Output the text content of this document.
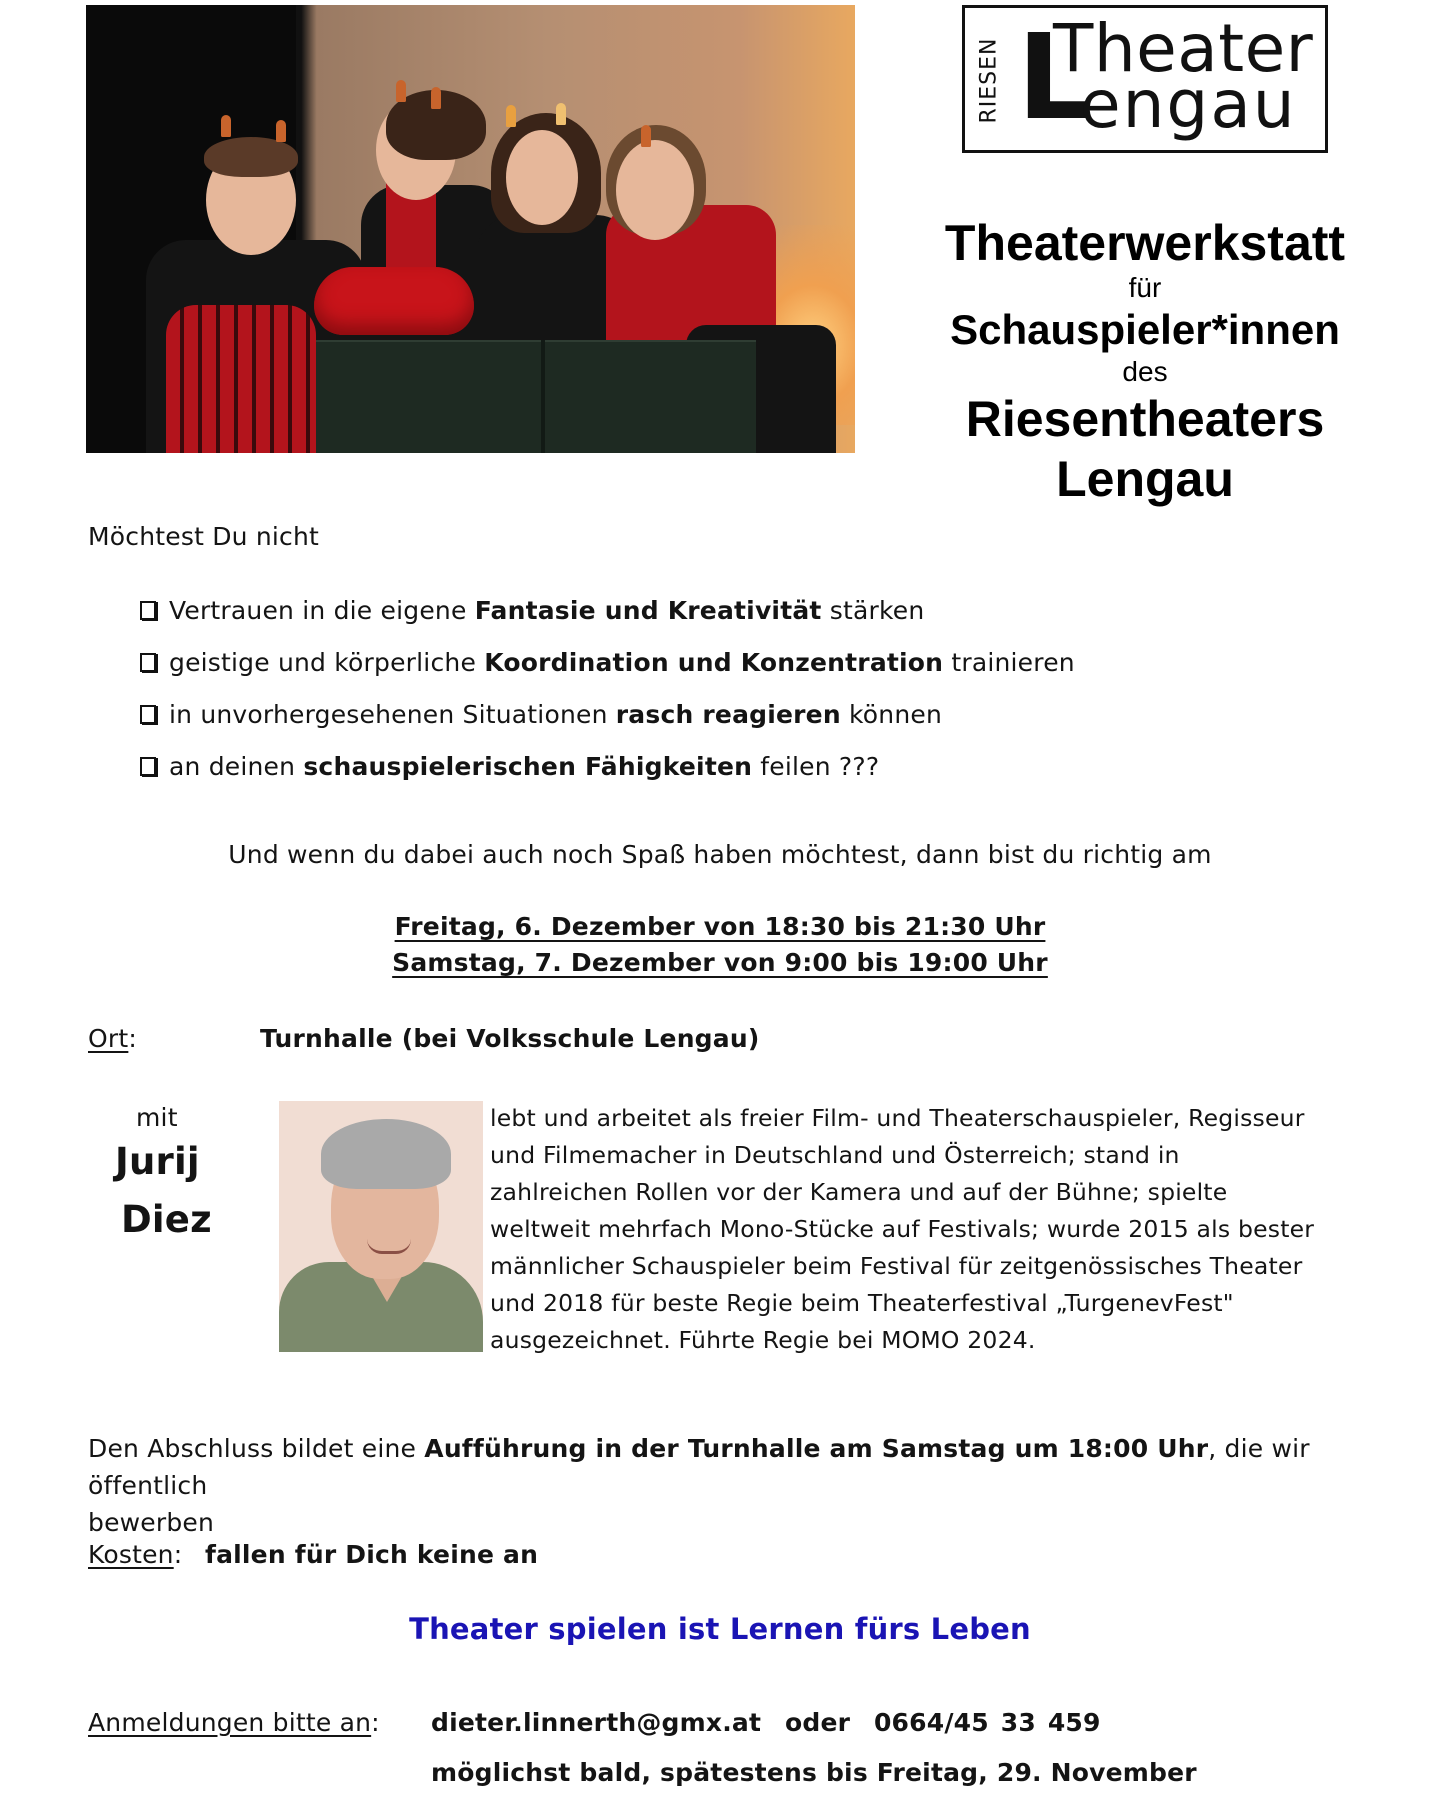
RIESEN L
Theater
engau
Theaterwerkstatt
für
Schauspieler*innen
des
Riesentheaters
Lengau
Möchtest Du nicht
Vertrauen in die eigene
Fantasie und Kreativität
stärken
geistige und körperliche
Koordination und Konzentration
trainieren
in unvorhergesehenen Situationen
rasch reagieren
können
an deinen
schauspielerischen Fähigkeiten
feilen ???
Und wenn du dabei auch noch Spaß haben möchtest, dann bist du richtig am
Freitag, 6. Dezember von 18:30 bis 21:30 Uhr
Samstag, 7. Dezember von 9:00 bis 19:00 Uhr
Ort:	Turnhalle (bei Volksschule Lengau)
mit
Jurij
Diez
lebt und arbeitet als freier Film- und Theaterschauspieler, Regisseur
und Filmemacher in Deutschland und Österreich; stand in
zahlreichen Rollen vor der Kamera und auf der Bühne; spielte
weltweit mehrfach Mono-Stücke auf Festivals; wurde 2015 als bester
männlicher Schauspieler beim Festival für zeitgenössisches Theater
und 2018 für beste Regie beim Theaterfestival „TurgenevFest"
ausgezeichnet. Führte Regie bei MOMO 2024.
Den Abschluss bildet eine Aufführung in der Turnhalle am Samstag um 18:00 Uhr, die wir öffentlich
bewerben
Kosten: fallen für Dich keine an
Theater spielen ist Lernen fürs Leben
Anmeldungen bitte an: dieter.linnerth@gmx.at oder 0664/45 33 459
möglichst bald, spätestens bis Freitag, 29. November
